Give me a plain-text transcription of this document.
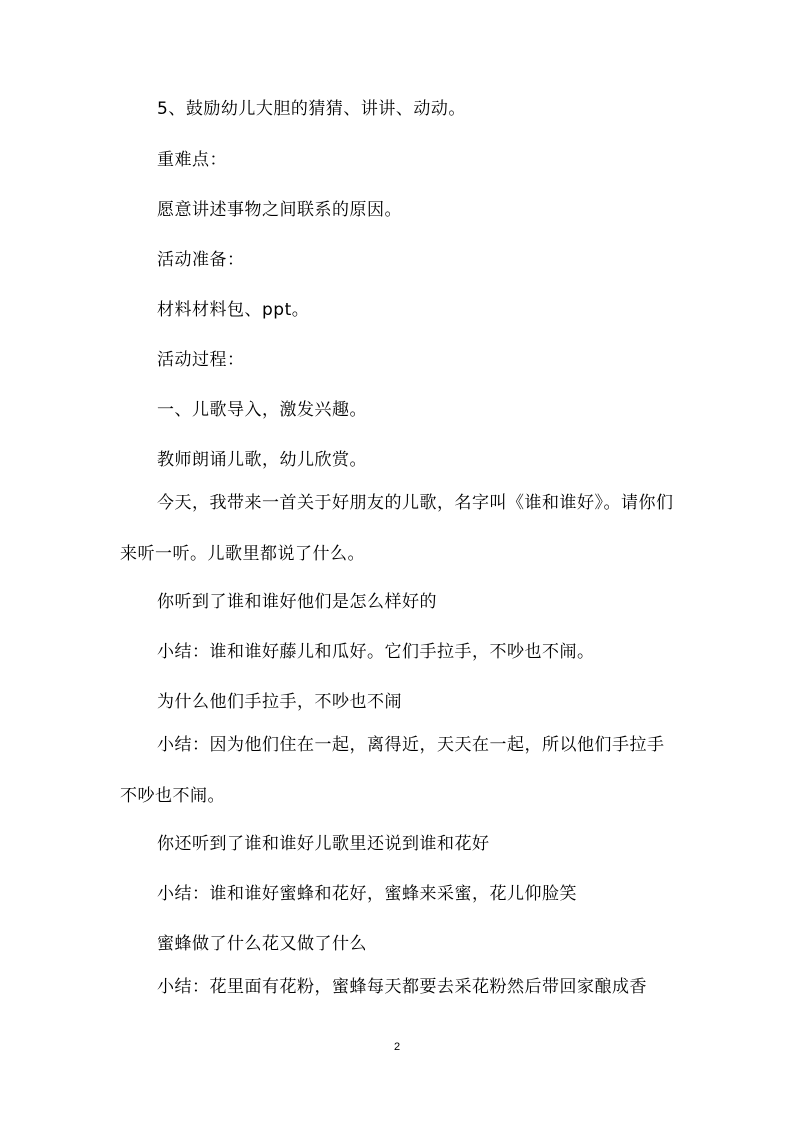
5、鼓励幼儿大胆的猜猜、讲讲、动动。

重难点：

愿意讲述事物之间联系的原因。

活动准备：

材料材料包、ppt。

活动过程：

一、儿歌导入，激发兴趣。

教师朗诵儿歌，幼儿欣赏。

今天，我带来一首关于好朋友的儿歌，名字叫《谁和谁好》。请你们来听一听。儿歌里都说了什么。

你听到了谁和谁好他们是怎么样好的

小结：谁和谁好藤儿和瓜好。它们手拉手，不吵也不闹。

为什么他们手拉手，不吵也不闹

小结：因为他们住在一起，离得近，天天在一起，所以他们手拉手不吵也不闹。

你还听到了谁和谁好儿歌里还说到谁和花好

小结：谁和谁好蜜蜂和花好，蜜蜂来采蜜，花儿仰脸笑

蜜蜂做了什么花又做了什么

小结：花里面有花粉，蜜蜂每天都要去采花粉然后带回家酿成香

2
